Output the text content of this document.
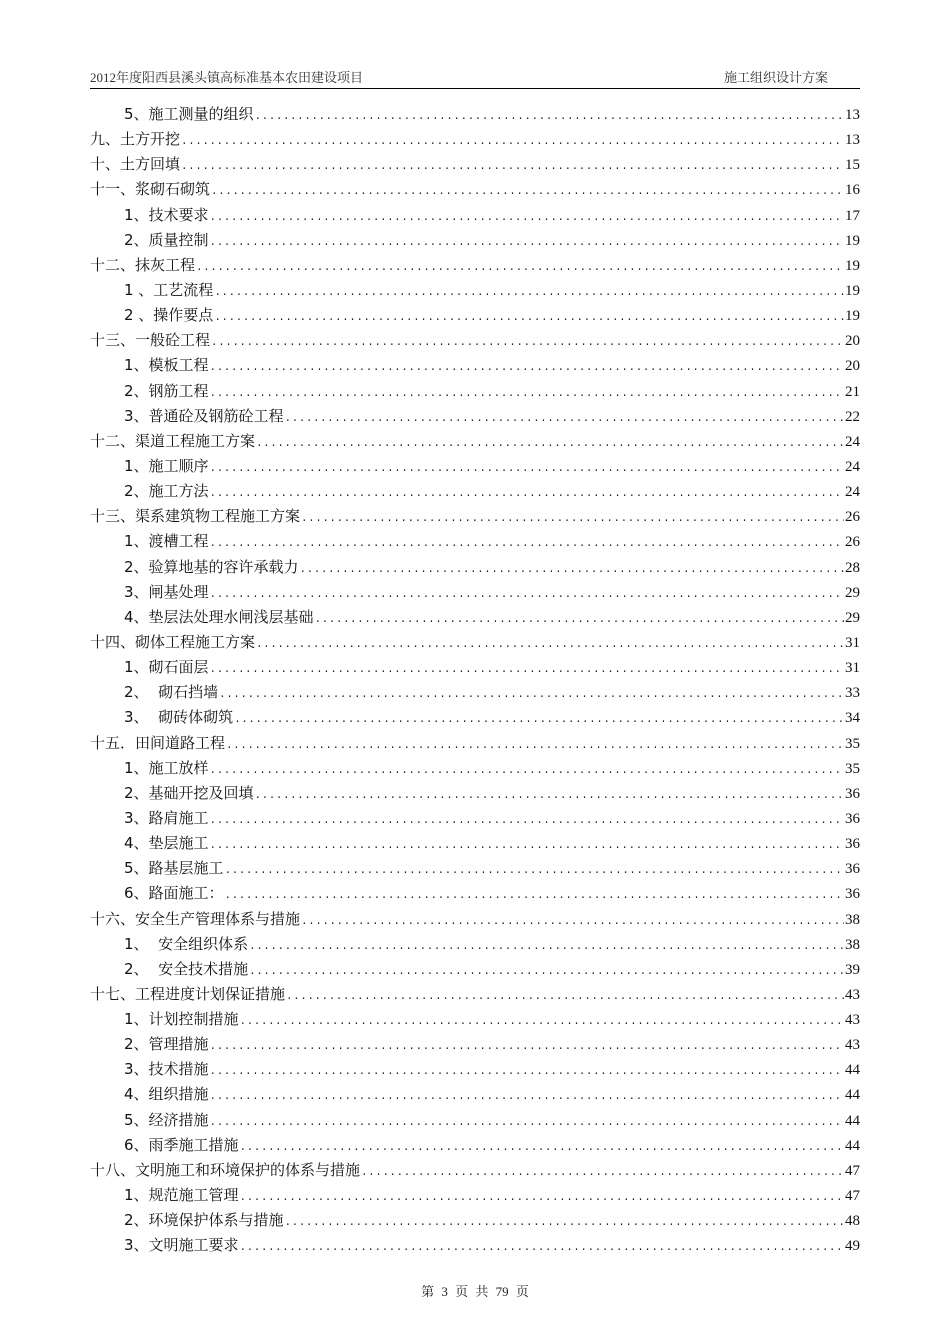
2012年度阳西县溪头镇高标准基本农田建设项目	施工组织设计方案
5、施工测量的组织 .....	13
九、土方开挖 .....	13
十、土方回填 .....	15
十一、浆砌石砌筑 .....	16
1、技术要求 .....	17
2、质量控制 .....	19
十二、抹灰工程 .....	19
1 、工艺流程 .....	19
2 、操作要点 .....	19
十三、一般砼工程 .....	20
1、模板工程 .....	20
2、钢筋工程 .....	21
3、普通砼及钢筋砼工程 .....	22
十二、渠道工程施工方案 .....	24
1、施工顺序 .....	24
2、施工方法 .....	24
十三、渠系建筑物工程施工方案 .....	26
1、渡槽工程 .....	26
2、验算地基的容许承载力 .....	28
3、闸基处理 .....	29
4、垫层法处理水闸浅层基础 .....	29
十四、砌体工程施工方案 .....	31
1、砌石面层 .....	31
2、  砌石挡墙 .....	33
3、  砌砖体砌筑 .....	34
十五．田间道路工程 .....	35
1、施工放样 .....	35
2、基础开挖及回填 .....	36
3、路肩施工 .....	36
4、垫层施工 .....	36
5、路基层施工 .....	36
6、路面施工： .....	36
十六、安全生产管理体系与措施 .....	38
1、  安全组织体系 .....	38
2、  安全技术措施 .....	39
十七、工程进度计划保证措施 .....	43
1、计划控制措施 .....	43
2、管理措施 .....	43
3、技术措施 .....	44
4、组织措施 .....	44
5、经济措施 .....	44
6、雨季施工措施 .....	44
十八、文明施工和环境保护的体系与措施 .....	47
1、规范施工管理 .....	47
2、环境保护体系与措施 .....	48
3、文明施工要求 .....	49
第 3 页 共 79 页
